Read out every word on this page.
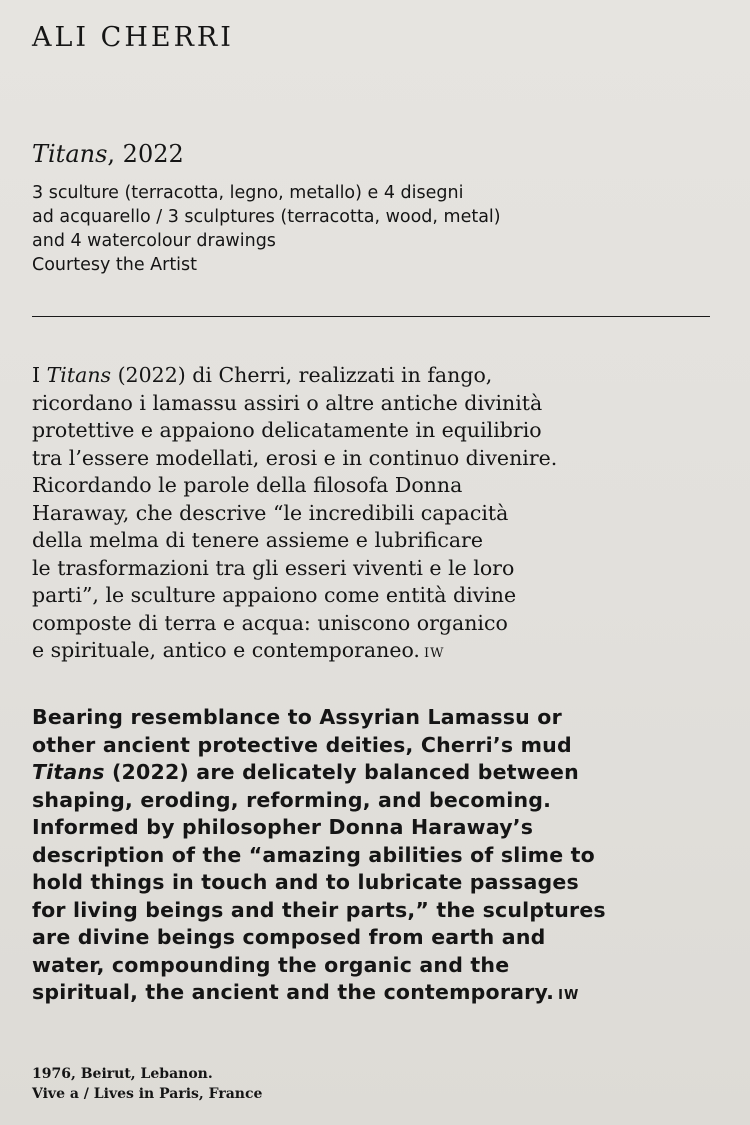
ALI CHERRI
Titans, 2022

3 sculture (terracotta, legno, metallo) e 4 disegni
ad acquarello / 3 sculptures (terracotta, wood, metal)
and 4 watercolour drawings
Courtesy the Artist

I Titans (2022) di Cherri, realizzati in fango,
ricordano i lamassu assiri o altre antiche divinità
protettive e appaiono delicatamente in equilibrio
tra l’essere modellati, erosi e in continuo divenire.
Ricordando le parole della filosofa Donna
Haraway, che descrive “le incredibili capacità
della melma di tenere assieme e lubrificare
le trasformazioni tra gli esseri viventi e le loro
parti”, le sculture appaiono come entità divine
composte di terra e acqua: uniscono organico
e spirituale, antico e contemporaneo. IW

Bearing resemblance to Assyrian Lamassu or
other ancient protective deities, Cherri’s mud
Titans (2022) are delicately balanced between
shaping, eroding, reforming, and becoming.
Informed by philosopher Donna Haraway’s
description of the “amazing abilities of slime to
hold things in touch and to lubricate passages
for living beings and their parts,” the sculptures
are divine beings composed from earth and
water, compounding the organic and the
spiritual, the ancient and the contemporary. IW

1976, Beirut, Lebanon.
Vive a / Lives in Paris, France
